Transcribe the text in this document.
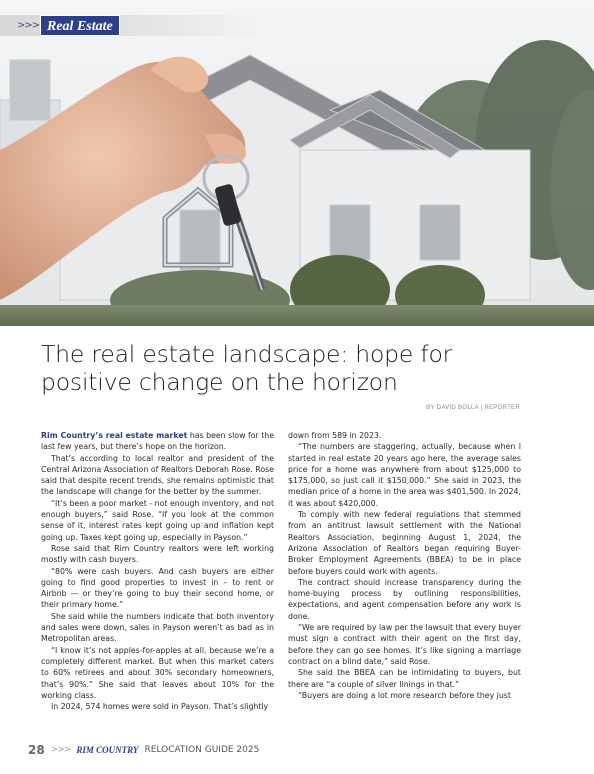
>>> Real Estate
The real estate landscape: hope for
positive change on the horizon
BY DAVID BOLLA | REPORTER

Rim Country’s real estate market has been slow for the last few years, but there’s hope on the horizon.

That’s according to local realtor and president of the Central Arizona Association of Realtors Deborah Rose. Rose said that despite recent trends, she remains optimistic that the landscape will change for the better by the summer.

“It’s been a poor market - not enough inventory, and not enough buyers,” said Rose. “If you look at the common sense of it, interest rates kept going up and inflation kept going up. Taxes kept going up, especially in Payson.”

Rose said that Rim Country realtors were left working mostly with cash buyers.

“80% were cash buyers. And cash buyers are either going to find good properties to invest in – to rent or Airbnb — or they’re going to buy their second home, or their primary home.”

She said while the numbers indicate that both inventory and sales were down, sales in Payson weren’t as bad as in Metropolitan areas.

“I know it’s not apples-for-apples at all, because we’re a completely different market. But when this market caters to 60% retirees and about 30% secondary homeowners, that’s 90%.” She said that leaves about 10% for the working class.

In 2024, 574 homes were sold in Payson. That’s slightly

down from 589 in 2023.

“The numbers are staggering, actually, because when I started in real estate 20 years ago here, the average sales price for a home was anywhere from about $125,000 to $175,000, so just call it $150,000.” She said in 2023, the median price of a home in the area was $401,500. In 2024, it was about $420,000.

To comply with new federal regulations that stemmed from an antitrust lawsuit settlement with the National Realtors Association, beginning August 1, 2024, the Arizona Association of Realtors began requiring Buyer-Broker Employment Agreements (BBEA) to be in place before buyers could work with agents.

The contract should increase transparency during the home-buying process by outlining responsibilities, expectations, and agent compensation before any work is done.

“We are required by law per the lawsuit that every buyer must sign a contract with their agent on the first day, before they can go see homes. It’s like signing a marriage contract on a blind date,” said Rose.

She said the BBEA can be intimidating to buyers, but there are “a couple of silver linings in that.”

“Buyers are doing a lot more research before they just

28 >>> RIM COUNTRY RELOCATION GUIDE 2025
